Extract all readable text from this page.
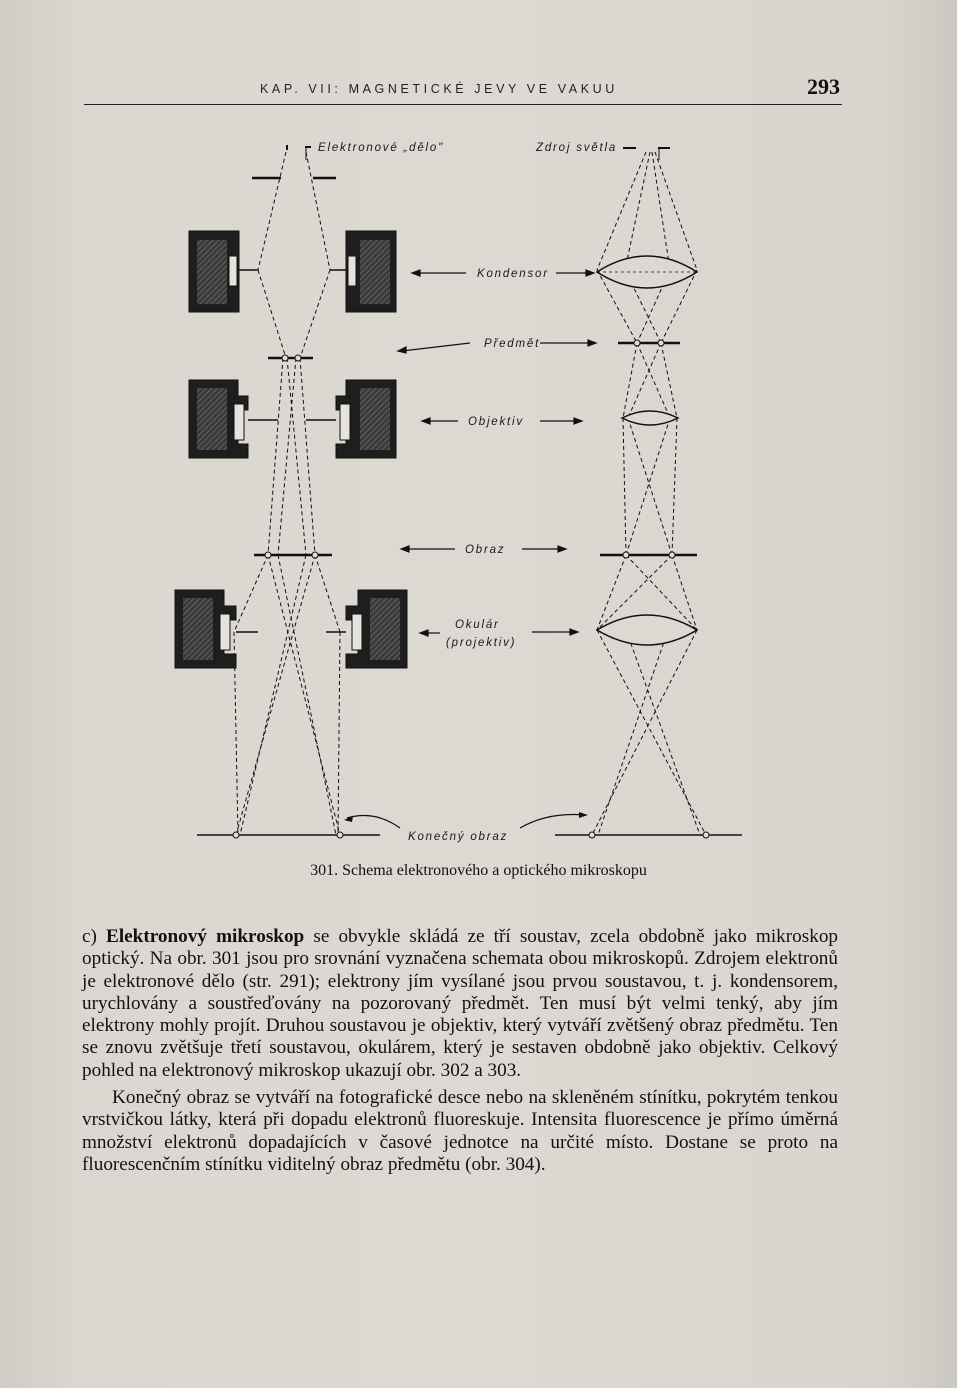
KAP. VII: MAGNETICKÉ JEVY VE VAKUU	293
Elektronové „dělo"	Zdroj světla
Kondensor
Předmět
Objektiv
Obraz
Okulár
(projektiv)
Konečný obraz
301. Schema elektronového a optického mikroskopu

c) Elektronový mikroskop se obvykle skládá ze tří soustav, zcela obdobně jako mikroskop optický. Na obr. 301 jsou pro srovnání vyznačena schemata obou mikroskopů. Zdrojem elektronů je elektronové dělo (str. 291); elektrony jím vysílané jsou prvou soustavou, t. j. kondensorem, urychlovány a soustřeďovány na pozorovaný předmět. Ten musí být velmi tenký, aby jím elektrony mohly projít. Druhou soustavou je objektiv, který vytváří zvětšený obraz předmětu. Ten se znovu zvětšuje třetí soustavou, okulárem, který je sestaven obdobně jako objektiv. Celkový pohled na elektronový mikroskop ukazují obr. 302 a 303.

Konečný obraz se vytváří na fotografické desce nebo na skleněném stínítku, pokrytém tenkou vrstvičkou látky, která při dopadu elektronů fluoreskuje. Intensita fluorescence je přímo úměrná množství elektronů dopadajících v časové jednotce na určité místo. Dostane se proto na fluorescenčním stínítku viditelný obraz předmětu (obr. 304).
